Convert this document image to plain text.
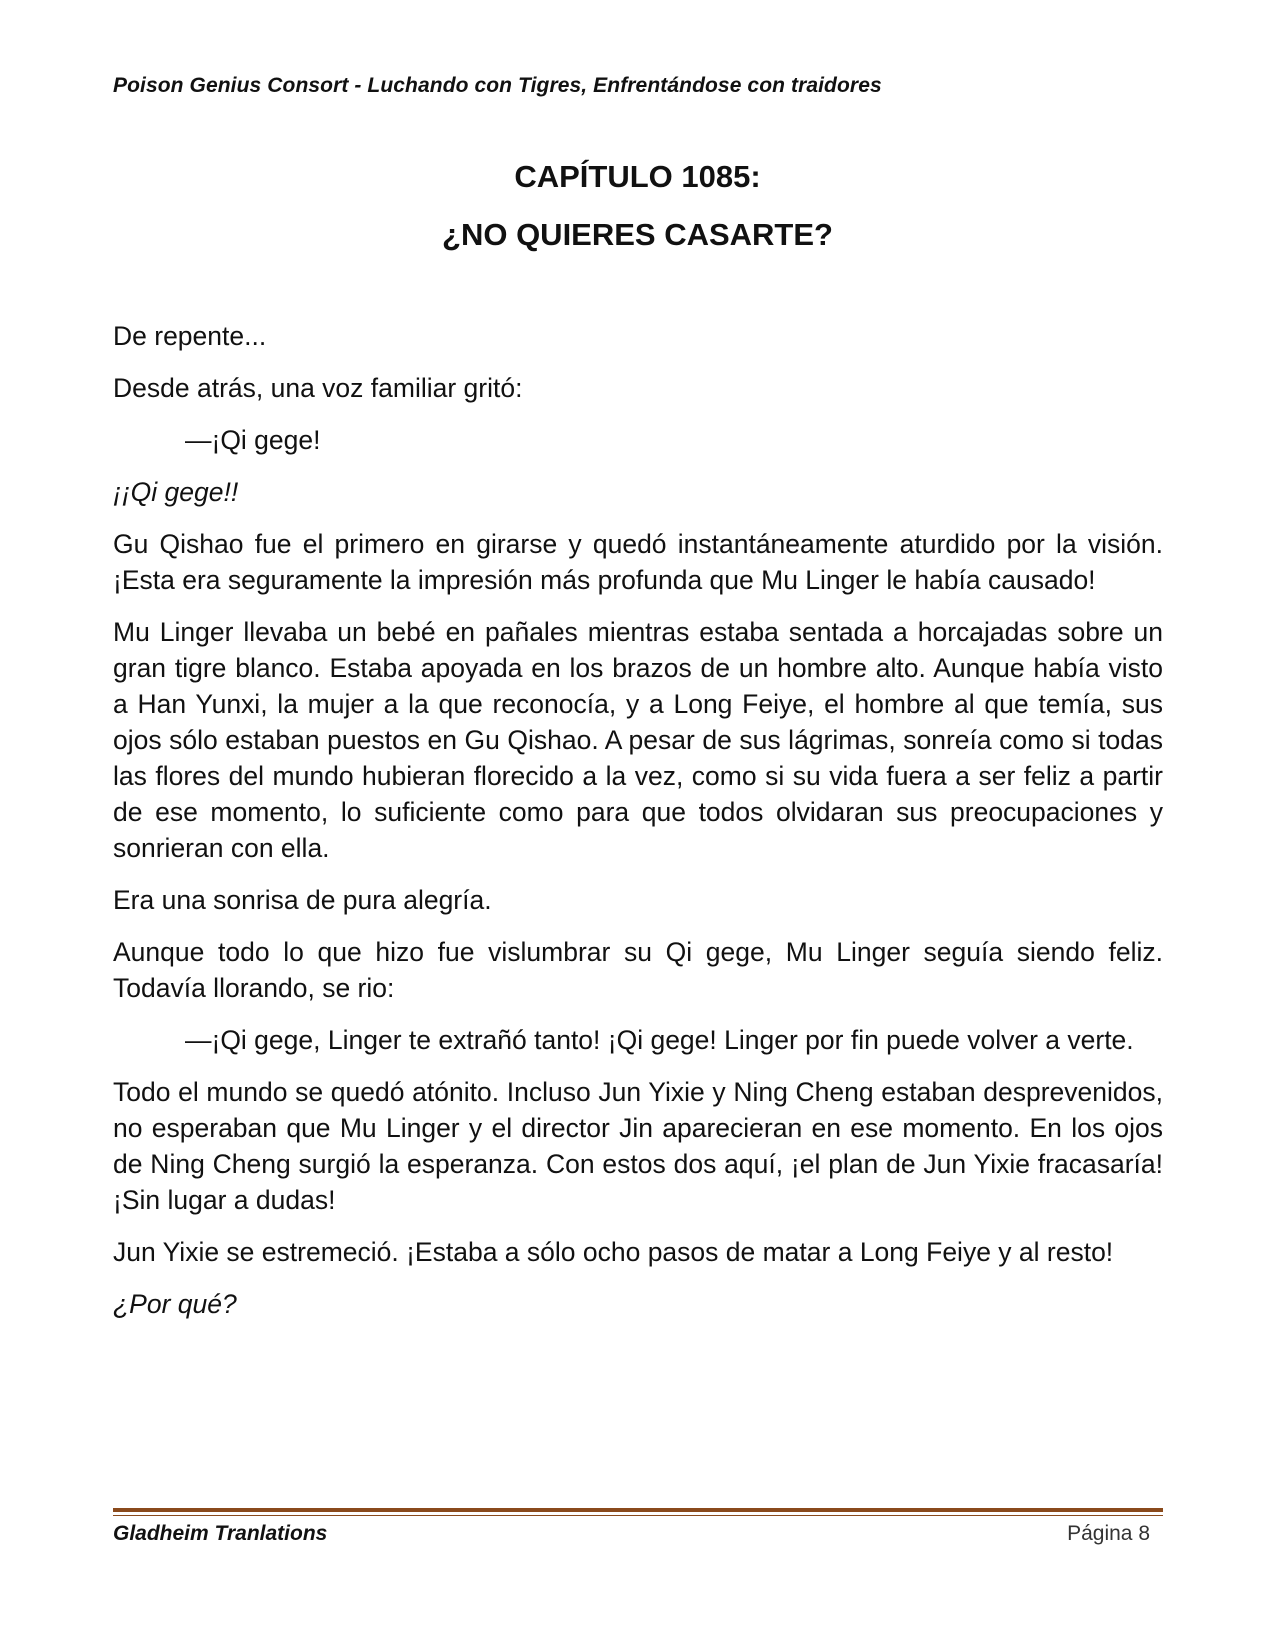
Poison Genius Consort - Luchando con Tigres, Enfrentándose con traidores

CAPÍTULO 1085:

¿NO QUIERES CASARTE?

De repente...

Desde atrás, una voz familiar gritó:

—¡Qi gege!

¡¡Qi gege!!

Gu Qishao fue el primero en girarse y quedó instantáneamente aturdido por la visión. ¡Esta era seguramente la impresión más profunda que Mu Linger le había causado!

Mu Linger llevaba un bebé en pañales mientras estaba sentada a horcajadas sobre un gran tigre blanco. Estaba apoyada en los brazos de un hombre alto. Aunque había visto a Han Yunxi, la mujer a la que reconocía, y a Long Feiye, el hombre al que temía, sus ojos sólo estaban puestos en Gu Qishao. A pesar de sus lágrimas, sonreía como si todas las flores del mundo hubieran florecido a la vez, como si su vida fuera a ser feliz a partir de ese momento, lo suficiente como para que todos olvidaran sus preocupaciones y sonrieran con ella.

Era una sonrisa de pura alegría.

Aunque todo lo que hizo fue vislumbrar su Qi gege, Mu Linger seguía siendo feliz. Todavía llorando, se rio:

—¡Qi gege, Linger te extrañó tanto! ¡Qi gege! Linger por fin puede volver a verte.

Todo el mundo se quedó atónito. Incluso Jun Yixie y Ning Cheng estaban desprevenidos, no esperaban que Mu Linger y el director Jin aparecieran en ese momento. En los ojos de Ning Cheng surgió la esperanza. Con estos dos aquí, ¡el plan de Jun Yixie fracasaría! ¡Sin lugar a dudas!

Jun Yixie se estremeció. ¡Estaba a sólo ocho pasos de matar a Long Feiye y al resto!

¿Por qué?

Gladheim Tranlations	Página 8
